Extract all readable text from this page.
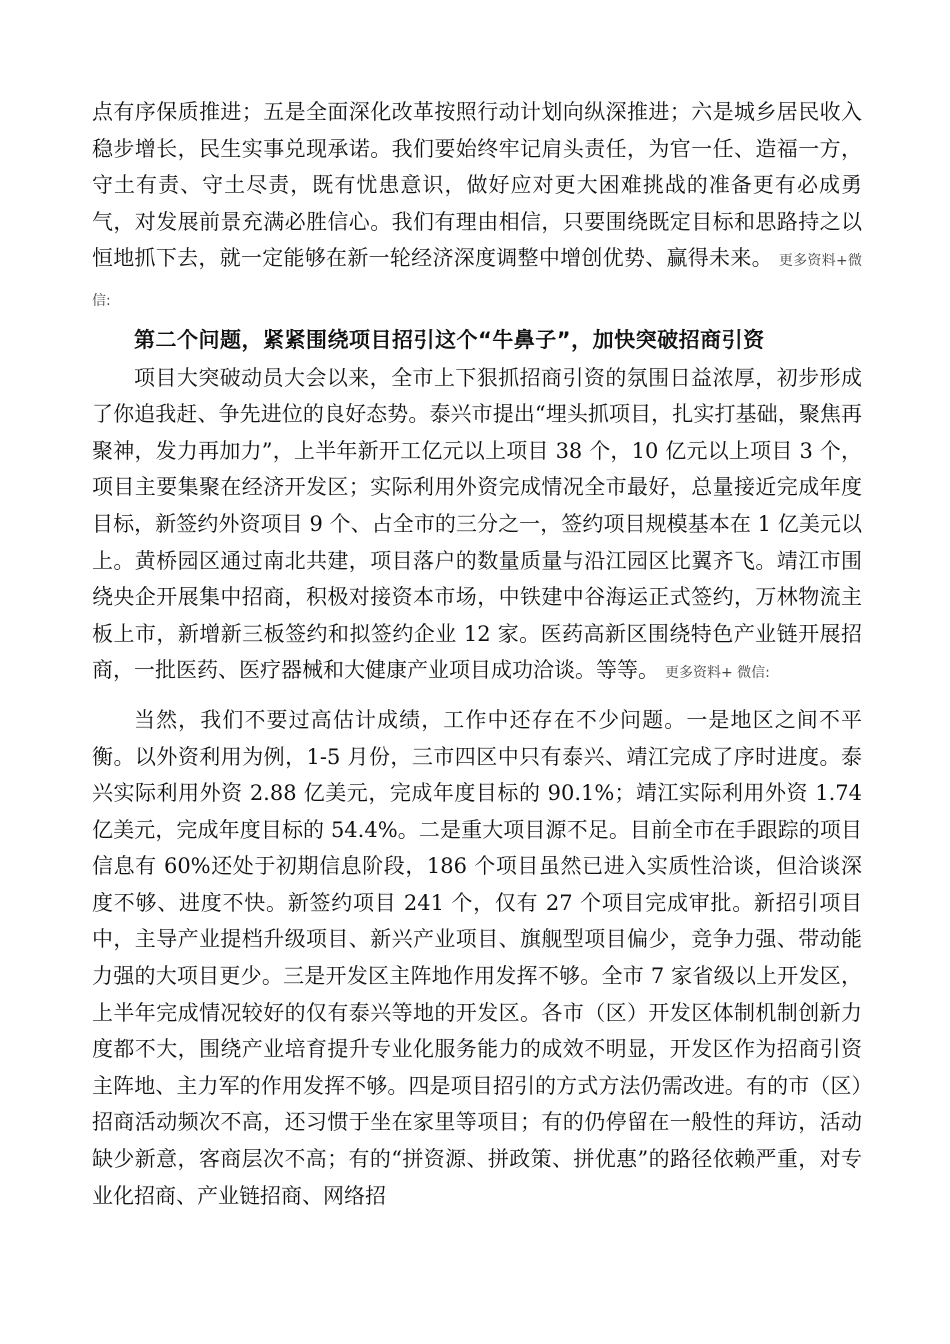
点有序保质推进；五是全面深化改革按照行动计划向纵深推进；六是城乡居民收入稳步增长，民生实事兑现承诺。我们要始终牢记肩头责任，为官一任、造福一方，守土有责、守土尽责，既有忧患意识，做好应对更大困难挑战的准备更有必成勇气，对发展前景充满必胜信心。我们有理由相信，只要围绕既定目标和思路持之以恒地抓下去，就一定能够在新一轮经济深度调整中增创优势、赢得未来。 更多资料+微信:

第二个问题，紧紧围绕项目招引这个“牛鼻子”，加快突破招商引资

项目大突破动员大会以来，全市上下狠抓招商引资的氛围日益浓厚，初步形成了你追我赶、争先进位的良好态势。泰兴市提出“埋头抓项目，扎实打基础，聚焦再聚神，发力再加力”，上半年新开工亿元以上项目 38 个，10 亿元以上项目 3 个，项目主要集聚在经济开发区；实际利用外资完成情况全市最好，总量接近完成年度目标，新签约外资项目 9 个、占全市的三分之一，签约项目规模基本在 1 亿美元以上。黄桥园区通过南北共建，项目落户的数量质量与沿江园区比翼齐飞。靖江市围绕央企开展集中招商，积极对接资本市场，中铁建中谷海运正式签约，万林物流主板上市，新增新三板签约和拟签约企业 12 家。医药高新区围绕特色产业链开展招商，一批医药、医疗器械和大健康产业项目成功洽谈。等等。 更多资料+ 微信:

当然，我们不要过高估计成绩，工作中还存在不少问题。一是地区之间不平衡。以外资利用为例，1-5 月份，三市四区中只有泰兴、靖江完成了序时进度。泰兴实际利用外资 2.88 亿美元，完成年度目标的 90.1%；靖江实际利用外资 1.74 亿美元，完成年度目标的 54.4%。二是重大项目源不足。目前全市在手跟踪的项目信息有 60%还处于初期信息阶段，186 个项目虽然已进入实质性洽谈，但洽谈深度不够、进度不快。新签约项目 241 个，仅有 27 个项目完成审批。新招引项目中，主导产业提档升级项目、新兴产业项目、旗舰型项目偏少，竞争力强、带动能力强的大项目更少。三是开发区主阵地作用发挥不够。全市 7 家省级以上开发区，上半年完成情况较好的仅有泰兴等地的开发区。各市（区）开发区体制机制创新力度都不大，围绕产业培育提升专业化服务能力的成效不明显，开发区作为招商引资主阵地、主力军的作用发挥不够。四是项目招引的方式方法仍需改进。有的市（区）招商活动频次不高，还习惯于坐在家里等项目；有的仍停留在一般性的拜访，活动缺少新意，客商层次不高；有的“拼资源、拼政策、拼优惠”的路径依赖严重，对专业化招商、产业链招商、网络招
